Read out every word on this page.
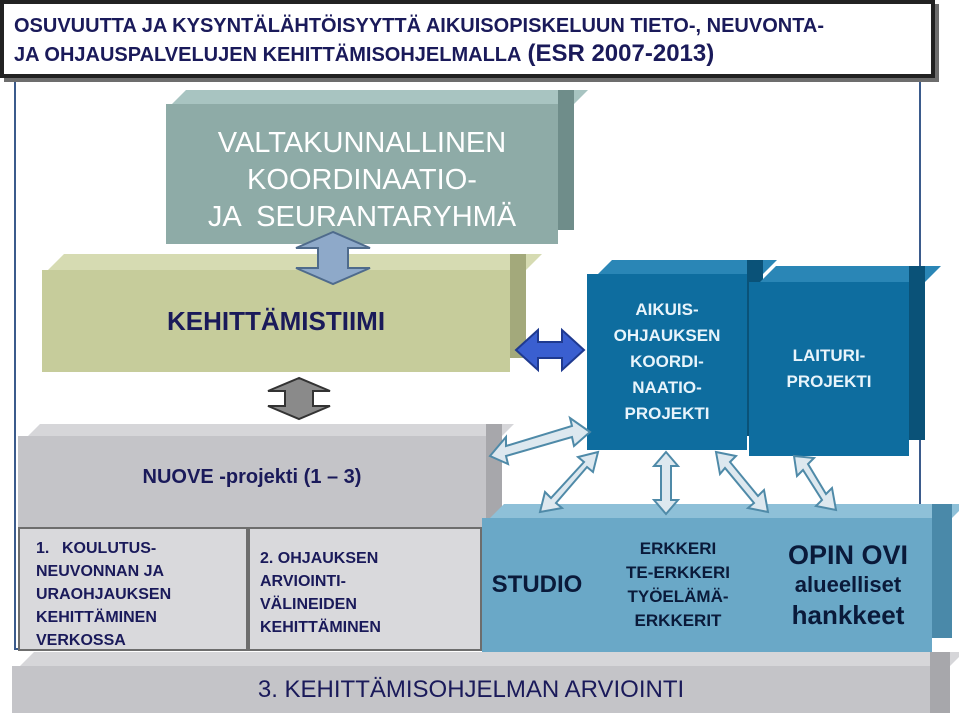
OSUVUUTTA JA KYSYNTÄLÄHTÖISYYTTÄ AIKUISOPISKELUUN TIETO-, NEUVONTA-
JA OHJAUSPALVELUJEN KEHITTÄMISOHJELMALLA (ESR 2007-2013)
VALTAKUNNALLINEN
KOORDINAATIO-
JA  SEURANTARYHMÄ
KEHITTÄMISTIIMI	AIKUIS-
OHJAUKSEN
KOORDI-
NAATIO-
PROJEKTI
LAITURI-
PROJEKTI
NUOVE -projekti (1 – 3)
1. KOULUTUS-
NEUVONNAN JA
URAOHJAUKSEN
KEHITTÄMINEN
VERKOSSA
2. OHJAUKSEN
ARVIOINTI-
VÄLINEIDEN
KEHITTÄMINEN
STUDIO
ERKKERI
TE-ERKKERI
TYÖELÄMÄ-
ERKKERIT
OPIN OVI
alueelliset
hankkeet
3. KEHITTÄMISOHJELMAN ARVIOINTI
